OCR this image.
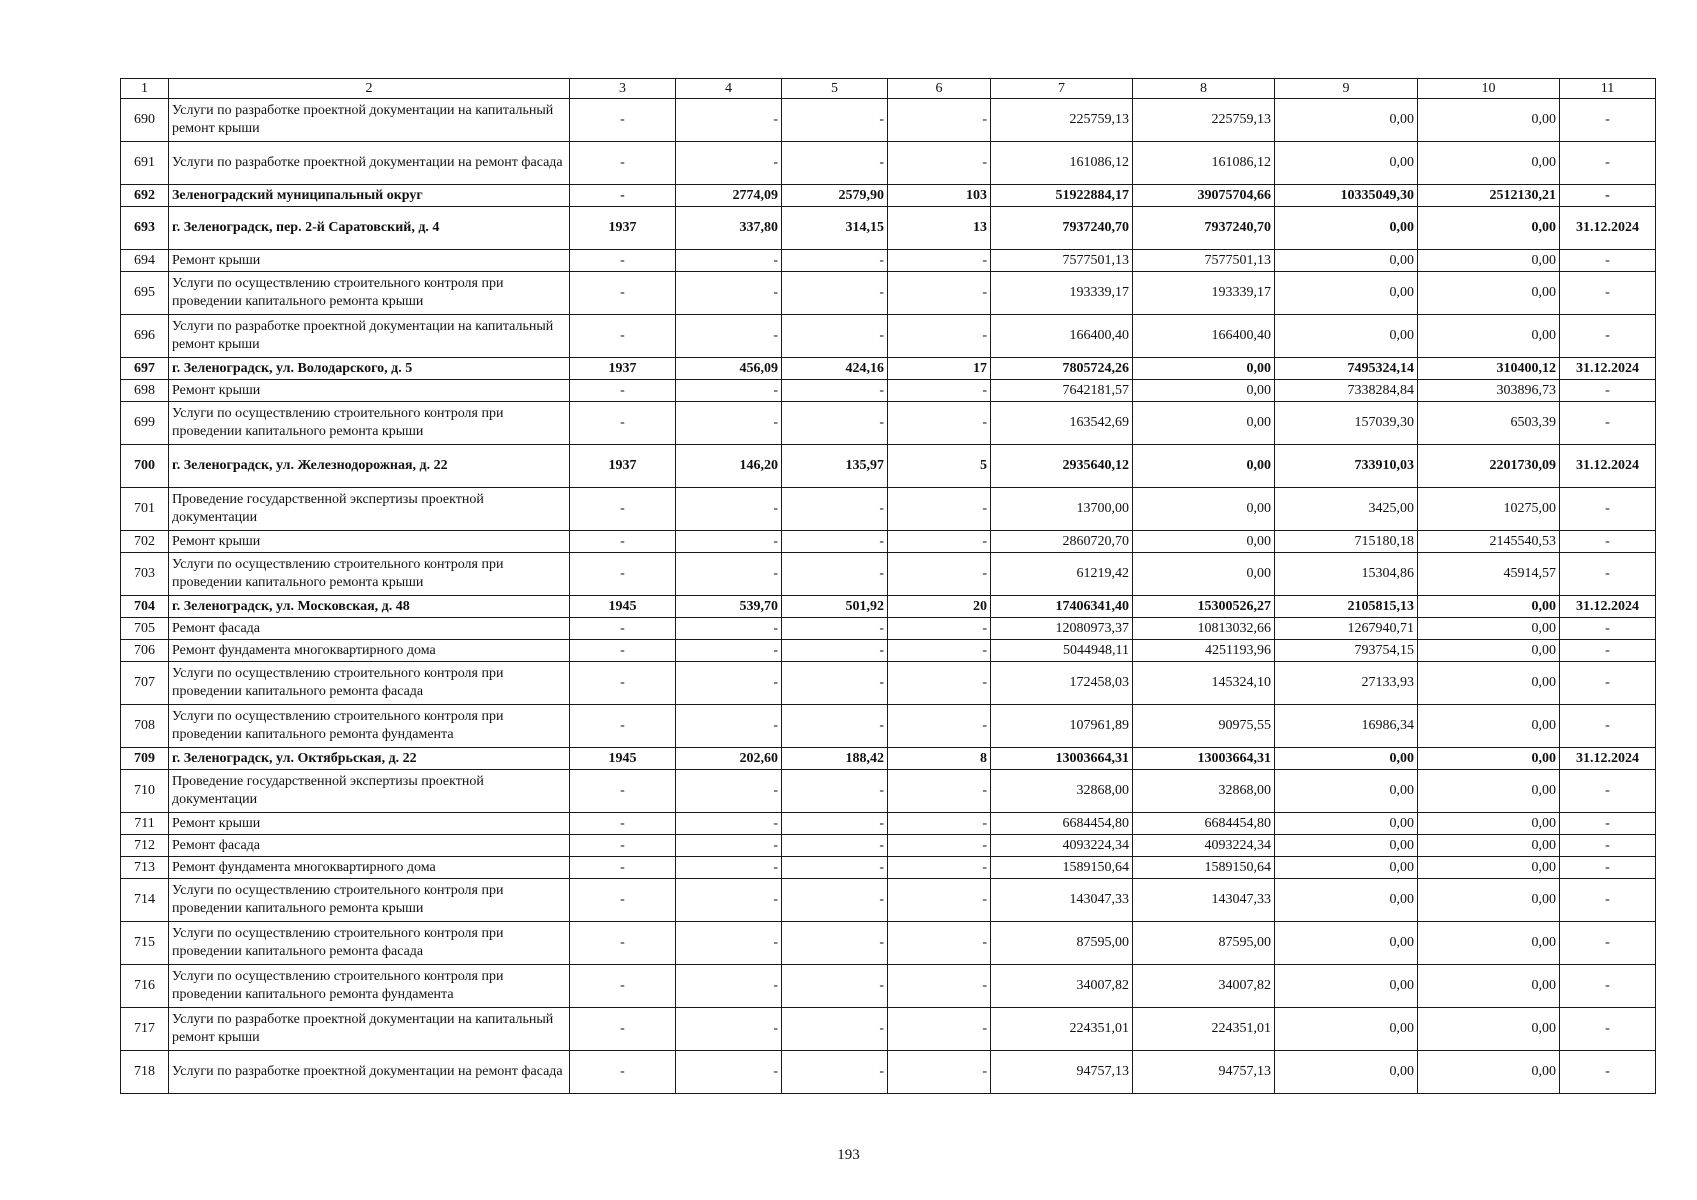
1	2	3	4	5	6	7	8	9	10	11
690	Услуги по разработке проектной документации на капитальный ремонт крыши	-	-	-	-	225759,13	225759,13	0,00	0,00	-
691	Услуги по разработке проектной документации на ремонт фасада	-	-	-	-	161086,12	161086,12	0,00	0,00	-
692	Зеленоградский муниципальный округ	-	2774,09	2579,90	103	51922884,17	39075704,66	10335049,30	2512130,21	-
693	г. Зеленоградск, пер. 2-й Саратовский, д. 4	1937	337,80	314,15	13	7937240,70	7937240,70	0,00	0,00	31.12.2024
694	Ремонт крыши	-	-	-	-	7577501,13	7577501,13	0,00	0,00	-
695	Услуги по осуществлению строительного контроля при проведении капитального ремонта крыши	-	-	-	-	193339,17	193339,17	0,00	0,00	-
696	Услуги по разработке проектной документации на капитальный ремонт крыши	-	-	-	-	166400,40	166400,40	0,00	0,00	-
697	г. Зеленоградск, ул. Володарского, д. 5	1937	456,09	424,16	17	7805724,26	0,00	7495324,14	310400,12	31.12.2024
698	Ремонт крыши	-	-	-	-	7642181,57	0,00	7338284,84	303896,73	-
699	Услуги по осуществлению строительного контроля при проведении капитального ремонта крыши	-	-	-	-	163542,69	0,00	157039,30	6503,39	-
700	г. Зеленоградск, ул. Железнодорожная, д. 22	1937	146,20	135,97	5	2935640,12	0,00	733910,03	2201730,09	31.12.2024
701	Проведение государственной экспертизы проектной документации	-	-	-	-	13700,00	0,00	3425,00	10275,00	-
702	Ремонт крыши	-	-	-	-	2860720,70	0,00	715180,18	2145540,53	-
703	Услуги по осуществлению строительного контроля при проведении капитального ремонта крыши	-	-	-	-	61219,42	0,00	15304,86	45914,57	-
704	г. Зеленоградск, ул. Московская, д. 48	1945	539,70	501,92	20	17406341,40	15300526,27	2105815,13	0,00	31.12.2024
705	Ремонт фасада	-	-	-	-	12080973,37	10813032,66	1267940,71	0,00	-
706	Ремонт фундамента многоквартирного дома	-	-	-	-	5044948,11	4251193,96	793754,15	0,00	-
707	Услуги по осуществлению строительного контроля при проведении капитального ремонта фасада	-	-	-	-	172458,03	145324,10	27133,93	0,00	-
708	Услуги по осуществлению строительного контроля при проведении капитального ремонта фундамента	-	-	-	-	107961,89	90975,55	16986,34	0,00	-
709	г. Зеленоградск, ул. Октябрьская, д. 22	1945	202,60	188,42	8	13003664,31	13003664,31	0,00	0,00	31.12.2024
710	Проведение государственной экспертизы проектной документации	-	-	-	-	32868,00	32868,00	0,00	0,00	-
711	Ремонт крыши	-	-	-	-	6684454,80	6684454,80	0,00	0,00	-
712	Ремонт фасада	-	-	-	-	4093224,34	4093224,34	0,00	0,00	-
713	Ремонт фундамента многоквартирного дома	-	-	-	-	1589150,64	1589150,64	0,00	0,00	-
714	Услуги по осуществлению строительного контроля при проведении капитального ремонта крыши	-	-	-	-	143047,33	143047,33	0,00	0,00	-
715	Услуги по осуществлению строительного контроля при проведении капитального ремонта фасада	-	-	-	-	87595,00	87595,00	0,00	0,00	-
716	Услуги по осуществлению строительного контроля при проведении капитального ремонта фундамента	-	-	-	-	34007,82	34007,82	0,00	0,00	-
717	Услуги по разработке проектной документации на капитальный ремонт крыши	-	-	-	-	224351,01	224351,01	0,00	0,00	-
718	Услуги по разработке проектной документации на ремонт фасада	-	-	-	-	94757,13	94757,13	0,00	0,00	-
193
